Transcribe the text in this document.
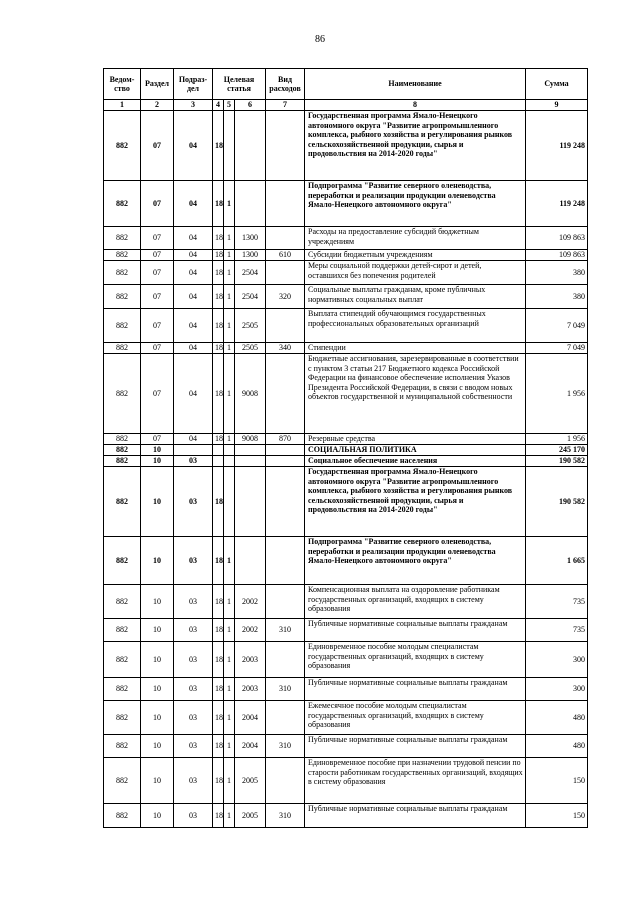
86
Ведом-
ство	Раздел	Подраз-
дел	Целевая статья			Вид
расходов	Наименование	Сумма
1	2	3	4	5	6	7	8	9
882	07	04	18				Государственная программа Ямало-Ненецкого автономного округа "Развитие агропромышленного комплекса, рыбного хозяйства и регулирования рынков сельскохозяйственной продукции, сырья и продовольствия на 2014-2020 годы"	119 248
882	07	04	18	1			Подпрограмма "Развитие северного оленеводства, переработки и реализации продукции оленеводства Ямало-Ненецкого автономного округа"	119 248
882	07	04	18	1	1300		Расходы на предоставление субсидий бюджетным учреждениям	109 863
882	07	04	18	1	1300	610	Субсидии бюджетным учреждениям	109 863
882	07	04	18	1	2504		Меры социальной поддержки детей-сирот и детей, оставшихся без попечения родителей	380
882	07	04	18	1	2504	320	Социальные выплаты гражданам, кроме публичных нормативных социальных выплат	380
882	07	04	18	1	2505		Выплата стипендий обучающимся государственных профессиональных образовательных организаций	7 049
882	07	04	18	1	2505	340	Стипендии	7 049
882	07	04	18	1	9008		Бюджетные ассигнования, зарезервированные в соответствии с пунктом 3 статьи 217 Бюджетного кодекса Российской Федерации на финансовое обеспечение исполнения Указов Президента Российской Федерации, в связи с вводом новых объектов государственной и муниципальной собственности	1 956
882	07	04	18	1	9008	870	Резервные средства	1 956
882	10						СОЦИАЛЬНАЯ ПОЛИТИКА	245 170
882	10	03					Социальное обеспечение населения	190 582
882	10	03	18				Государственная программа Ямало-Ненецкого автономного округа "Развитие агропромышленного комплекса, рыбного хозяйства и регулирования рынков сельскохозяйственной продукции, сырья и продовольствия на 2014-2020 годы"	190 582
882	10	03	18	1			Подпрограмма "Развитие северного оленеводства, переработки и реализации продукции оленеводства Ямало-Ненецкого автономного округа"	1 665
882	10	03	18	1	2002		Компенсационная выплата на оздоровление работникам государственных организаций, входящих в систему образования	735
882	10	03	18	1	2002	310	Публичные нормативные социальные выплаты гражданам	735
882	10	03	18	1	2003		Единовременное пособие молодым специалистам государственных организаций, входящих в систему образования	300
882	10	03	18	1	2003	310	Публичные нормативные социальные выплаты гражданам	300
882	10	03	18	1	2004		Ежемесячное пособие молодым специалистам государственных организаций, входящих в систему образования	480
882	10	03	18	1	2004	310	Публичные нормативные социальные выплаты гражданам	480
882	10	03	18	1	2005		Единовременное пособие при назначении трудовой пенсии по старости работникам государственных организаций, входящих в систему образования	150
882	10	03	18	1	2005	310	Публичные нормативные социальные выплаты гражданам	150
